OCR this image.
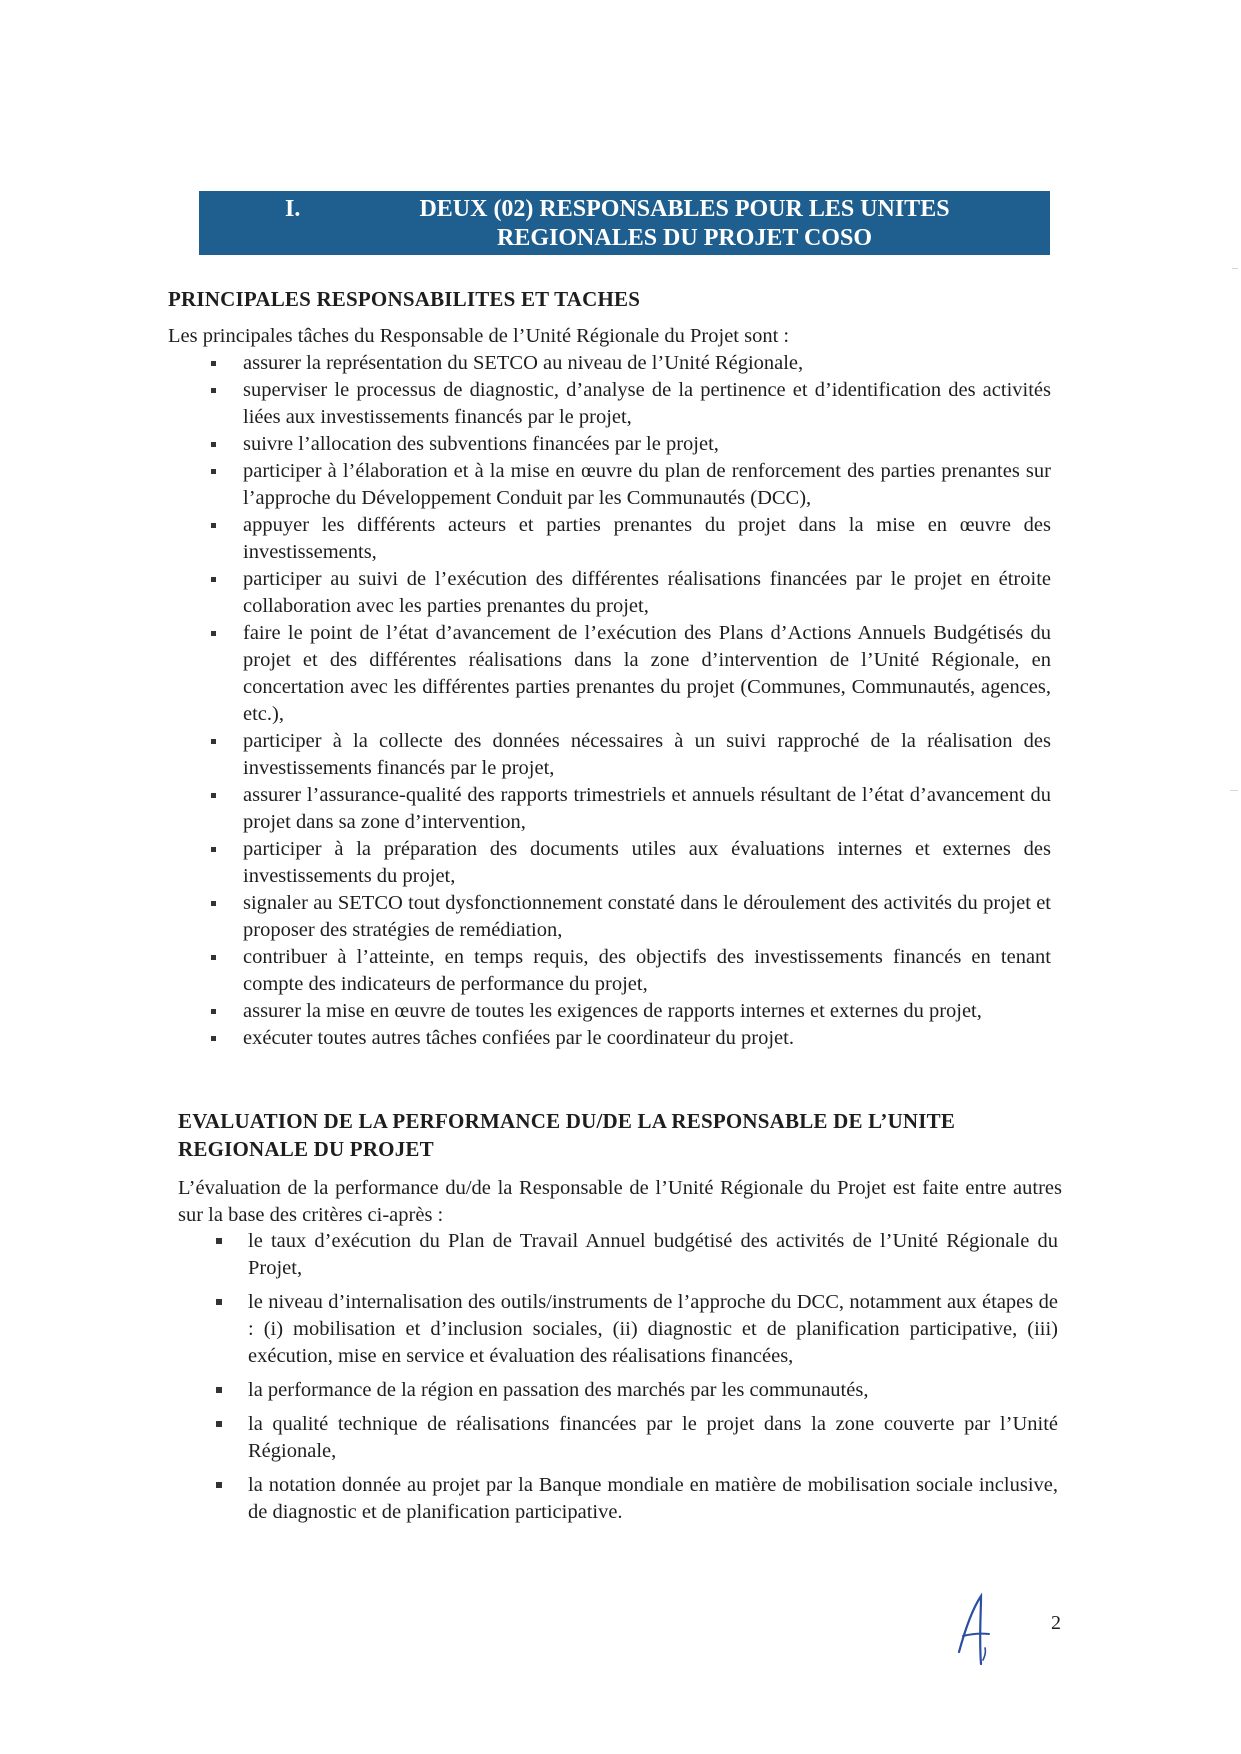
I.	DEUX (02) RESPONSABLES POUR LES UNITES REGIONALES DU PROJET COSO
PRINCIPALES RESPONSABILITES ET TACHES
Les principales tâches du Responsable de l’Unité Régionale du Projet sont :
assurer la représentation du SETCO au niveau de l’Unité Régionale,
superviser le processus de diagnostic, d’analyse de la pertinence et d’identification des activités liées aux investissements financés par le projet,
suivre l’allocation des subventions financées par le projet,
participer à l’élaboration et à la mise en œuvre du plan de renforcement des parties prenantes sur l’approche du Développement Conduit par les Communautés (DCC),
appuyer les différents acteurs et parties prenantes du projet dans la mise en œuvre des investissements,
participer au suivi de l’exécution des différentes réalisations financées par le projet en étroite collaboration avec les parties prenantes du projet,
faire le point de l’état d’avancement de l’exécution des Plans d’Actions Annuels Budgétisés du projet et des différentes réalisations dans la zone d’intervention de l’Unité Régionale, en concertation avec les différentes parties prenantes du projet (Communes, Communautés, agences, etc.),
participer à la collecte des données nécessaires à un suivi rapproché de la réalisation des investissements financés par le projet,
assurer l’assurance-qualité des rapports trimestriels et annuels résultant de l’état d’avancement du projet dans sa zone d’intervention,
participer à la préparation des documents utiles aux évaluations internes et externes des investissements du projet,
signaler au SETCO tout dysfonctionnement constaté dans le déroulement des activités du projet et proposer des stratégies de remédiation,
contribuer à l’atteinte, en temps requis, des objectifs des investissements financés en tenant compte des indicateurs de performance du projet,
assurer la mise en œuvre de toutes les exigences de rapports internes et externes du projet,
exécuter toutes autres tâches confiées par le coordinateur du projet.
EVALUATION DE LA PERFORMANCE DU/DE LA RESPONSABLE DE L’UNITE REGIONALE DU PROJET
L’évaluation de la performance du/de la Responsable de l’Unité Régionale du Projet est faite entre autres sur la base des critères ci-après :
le taux d’exécution du Plan de Travail Annuel budgétisé des activités de l’Unité Régionale du Projet,
le niveau d’internalisation des outils/instruments de l’approche du DCC, notamment aux étapes de : (i) mobilisation et d’inclusion sociales, (ii) diagnostic et de planification participative, (iii) exécution, mise en service et évaluation des réalisations financées,
la performance de la région en passation des marchés par les communautés,
la qualité technique de réalisations financées par le projet dans la zone couverte par l’Unité Régionale,
la notation donnée au projet par la Banque mondiale en matière de mobilisation sociale inclusive, de diagnostic et de planification participative.
2
